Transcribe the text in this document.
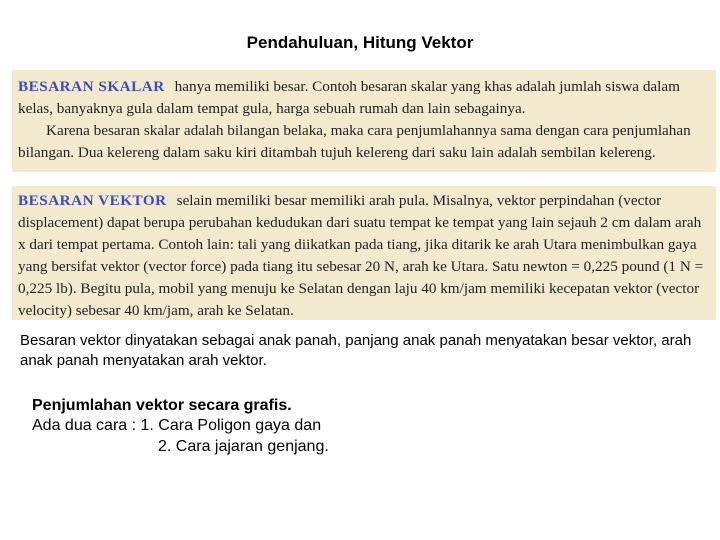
Pendahuluan, Hitung Vektor

BESARAN SKALAR hanya memiliki besar. Contoh besaran skalar yang khas adalah jumlah siswa dalam kelas, banyaknya gula dalam tempat gula, harga sebuah rumah dan lain sebagainya.

Karena besaran skalar adalah bilangan belaka, maka cara penjumlahannya sama dengan cara penjumlahan bilangan. Dua kelereng dalam saku kiri ditambah tujuh kelereng dari saku lain adalah sembilan kelereng.

BESARAN VEKTOR selain memiliki besar memiliki arah pula. Misalnya, vektor perpindahan (vector displacement) dapat berupa perubahan kedudukan dari suatu tempat ke tempat yang lain sejauh 2 cm dalam arah x dari tempat pertama. Contoh lain: tali yang diikatkan pada tiang, jika ditarik ke arah Utara menimbulkan gaya yang bersifat vektor (vector force) pada tiang itu sebesar 20 N, arah ke Utara. Satu newton = 0,225 pound (1 N = 0,225 lb). Begitu pula, mobil yang menuju ke Selatan dengan laju 40 km/jam memiliki kecepatan vektor (vector velocity) sebesar 40 km/jam, arah ke Selatan.

Besaran vektor dinyatakan sebagai anak panah, panjang anak panah menyatakan besar vektor, arah anak panah menyatakan arah vektor.
Penjumlahan vektor secara grafis.
Ada dua cara : 1. Cara Poligon gaya dan
2. Cara jajaran genjang.
